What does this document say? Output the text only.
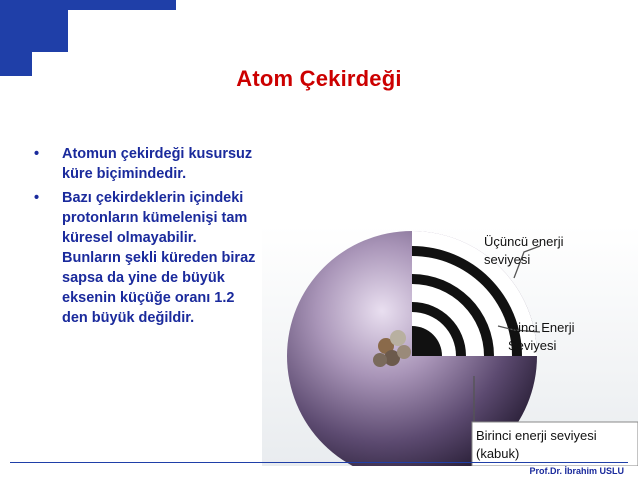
Atom Çekirdeği
• Atomun çekirdeği kusursuz küre biçimindedir.
• Bazı çekirdeklerin içindeki protonların kümelenişi tam küresel olmayabilir. Bunların şekli küreden biraz sapsa da yine de büyük eksenin küçüğe oranı 1.2 den büyük değildir.
Üçüncü enerji
seviyesi
İkinci Enerji
Seviyesi
Birinci enerji seviyesi
(kabuk)
Prof.Dr. İbrahim USLU
